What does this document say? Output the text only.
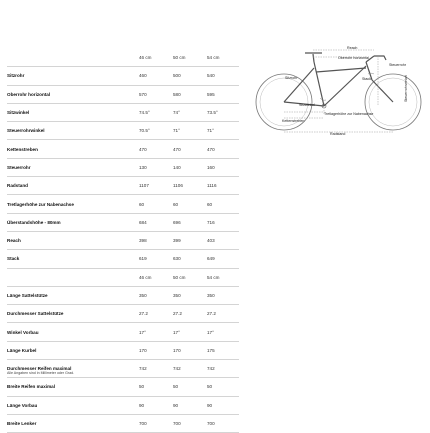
	46 cm	50 cm	54 cm
Sitzrohr	460	500	540
Oberrohr horizontal	570	580	595
Sitzwinkel	74.5°	74°	73.5°
Steuerrohrwinkel	70.5°	71°	71°
Kettenstreben	470	470	470
Steuerrohr	130	140	160
Radstand	1107	1106	1116
Tretlagerhöhe zur Nabenachse	60	60	60
Überstandshöhe - 80mm	684	696	716
Reach	398	399	403
Stack	619	630	649
	46 cm	50 cm	54 cm
Länge Sattelstütze	350	350	350
Durchmesser Sattelstütze	27.2	27.2	27.2
Winkel Vorbau	17°	17°	17°
Länge Kurbel	170	170	175
Durchmesser Reifen maximal	742	742	742
Breite Reifen maximal	50	50	50
Länge Vorbau	90	90	90
Breite Lenker	700	700	700
Alle Angaben sind in Millimeter oder Grad.
Reach
Oberrohr horizontal
Sitzrohr
Steuerrohr
Stack
Sitzwinkel
Steuerrohrwinkel
Kettenstreben
Tretlagerhöhe zur Nabenachse
Radstand
